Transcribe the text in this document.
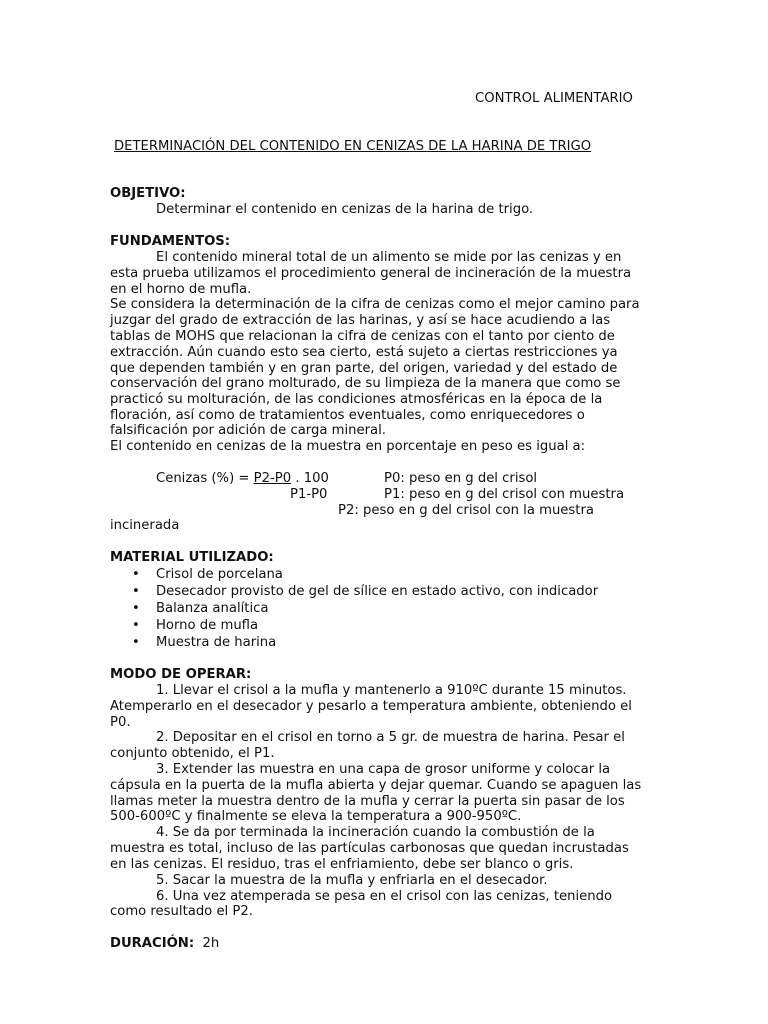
CONTROL ALIMENTARIO
DETERMINACIÓN DEL CONTENIDO EN CENIZAS DE LA HARINA DE TRIGO
OBJETIVO:
Determinar el contenido en cenizas de la harina de trigo.
FUNDAMENTOS:
El contenido mineral total de un alimento se mide por las cenizas y en
esta prueba utilizamos el procedimiento general de incineración de la muestra
en el horno de mufla.
Se considera la determinación de la cifra de cenizas como el mejor camino para
juzgar del grado de extracción de las harinas, y así se hace acudiendo a las
tablas de MOHS que relacionan la cifra de cenizas con el tanto por ciento de
extracción. Aún cuando esto sea cierto, está sujeto a ciertas restricciones ya
que dependen también y en gran parte, del origen, variedad y del estado de
conservación del grano molturado, de su limpieza de la manera que como se
practicó su molturación, de las condiciones atmosféricas en la época de la
floración, así como de tratamientos eventuales, como enriquecedores o
falsificación por adición de carga mineral.
El contenido en cenizas de la muestra en porcentaje en peso es igual a:
Cenizas (%) = P2-P0 . 100
P1-P0
P0: peso en g del crisol
P1: peso en g del crisol con muestra
P2: peso en g del crisol con la muestra
incinerada
MATERIAL UTILIZADO:
• Crisol de porcelana
• Desecador provisto de gel de sílice en estado activo, con indicador
• Balanza analítica
• Horno de mufla
• Muestra de harina
MODO DE OPERAR:
1. Llevar el crisol a la mufla y mantenerlo a 910ºC durante 15 minutos.
Atemperarlo en el desecador y pesarlo a temperatura ambiente, obteniendo el
P0.
2. Depositar en el crisol en torno a 5 gr. de muestra de harina. Pesar el
conjunto obtenido, el P1.
3. Extender las muestra en una capa de grosor uniforme y colocar la
cápsula en la puerta de la mufla abierta y dejar quemar. Cuando se apaguen las
llamas meter la muestra dentro de la mufla y cerrar la puerta sin pasar de los
500-600ºC y finalmente se eleva la temperatura a 900-950ºC.
4. Se da por terminada la incineración cuando la combustión de la
muestra es total, incluso de las partículas carbonosas que quedan incrustadas
en las cenizas. El residuo, tras el enfriamiento, debe ser blanco o gris.
5. Sacar la muestra de la mufla y enfriarla en el desecador.
6. Una vez atemperada se pesa en el crisol con las cenizas, teniendo
como resultado el P2.
DURACIÓN: 2h
